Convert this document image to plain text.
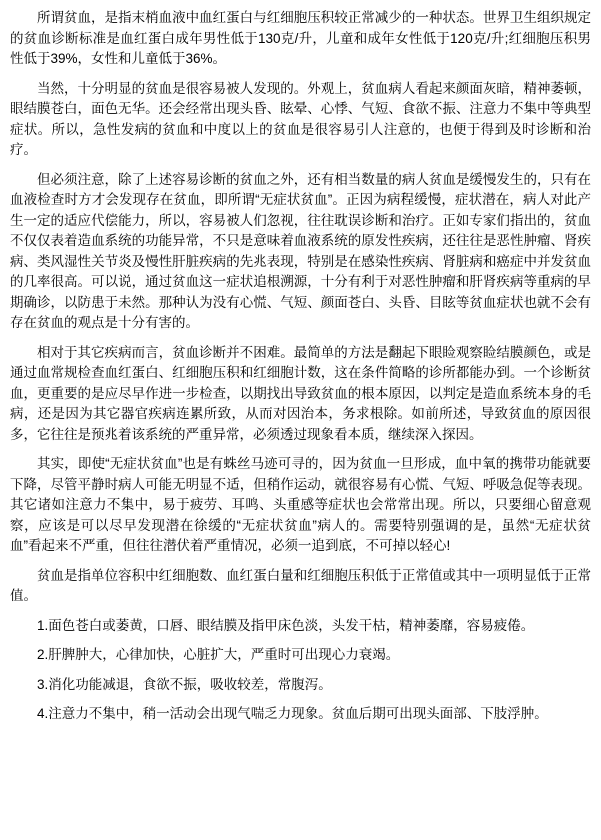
所谓贫血，是指末梢血液中血红蛋白与红细胞压积较正常减少的一种状态。世界卫生组织规定的贫血诊断标准是血红蛋白成年男性低于130克/升，儿童和成年女性低于120克/升;红细胞压积男性低于39%，女性和儿童低于36%。

当然，十分明显的贫血是很容易被人发现的。外观上，贫血病人看起来颜面灰暗，精神萎顿，眼结膜苍白，面色无华。还会经常出现头昏、眩晕、心悸、气短、食欲不振、注意力不集中等典型症状。所以，急性发病的贫血和中度以上的贫血是很容易引人注意的，也便于得到及时诊断和治疗。

但必须注意，除了上述容易诊断的贫血之外，还有相当数量的病人贫血是缓慢发生的，只有在血液检查时方才会发现存在贫血，即所谓“无症状贫血”。正因为病程缓慢，症状潜在，病人对此产生一定的适应代偿能力，所以，容易被人们忽视，往往耽误诊断和治疗。正如专家们指出的，贫血不仅仅表着造血系统的功能异常，不只是意味着血液系统的原发性疾病，还往往是恶性肿瘤、肾疾病、类风湿性关节炎及慢性肝脏疾病的先兆表现，特别是在感染性疾病、肾脏病和癌症中并发贫血的几率很高。可以说，通过贫血这一症状追根溯源，十分有利于对恶性肿瘤和肝肾疾病等重病的早期确诊，以防患于未然。那种认为没有心慌、气短、颜面苍白、头昏、目眩等贫血症状也就不会有存在贫血的观点是十分有害的。

相对于其它疾病而言，贫血诊断并不困难。最简单的方法是翻起下眼睑观察睑结膜颜色，或是通过血常规检查血红蛋白、红细胞压积和红细胞计数，这在条件简略的诊所都能办到。一个诊断贫血，更重要的是应尽早作进一步检查，以期找出导致贫血的根本原因，以判定是造血系统本身的毛病，还是因为其它器官疾病连累所致，从而对因治本，务求根除。如前所述，导致贫血的原因很多，它往往是预兆着该系统的严重异常，必须透过现象看本质，继续深入探因。

其实，即使“无症状贫血”也是有蛛丝马迹可寻的，因为贫血一旦形成，血中氧的携带功能就要下降，尽管平静时病人可能无明显不适，但稍作运动，就很容易有心慌、气短、呼吸急促等表现。其它诸如注意力不集中，易于疲劳、耳鸣、头重感等症状也会常常出现。所以，只要细心留意观察，应该是可以尽早发现潜在徐缓的“无症状贫血”病人的。需要特别强调的是，虽然“无症状贫血”看起来不严重，但往往潜伏着严重情况，必须一追到底，不可掉以轻心!

贫血是指单位容积中红细胞数、血红蛋白量和红细胞压积低于正常值或其中一项明显低于正常值。

1.面色苍白或萎黄，口唇、眼结膜及指甲床色淡，头发干枯，精神萎靡，容易疲倦。

2.肝脾肿大，心律加快，心脏扩大，严重时可出现心力衰竭。

3.消化功能减退，食欲不振，吸收较差，常腹泻。

4.注意力不集中，稍一活动会出现气喘乏力现象。贫血后期可出现头面部、下肢浮肿。
